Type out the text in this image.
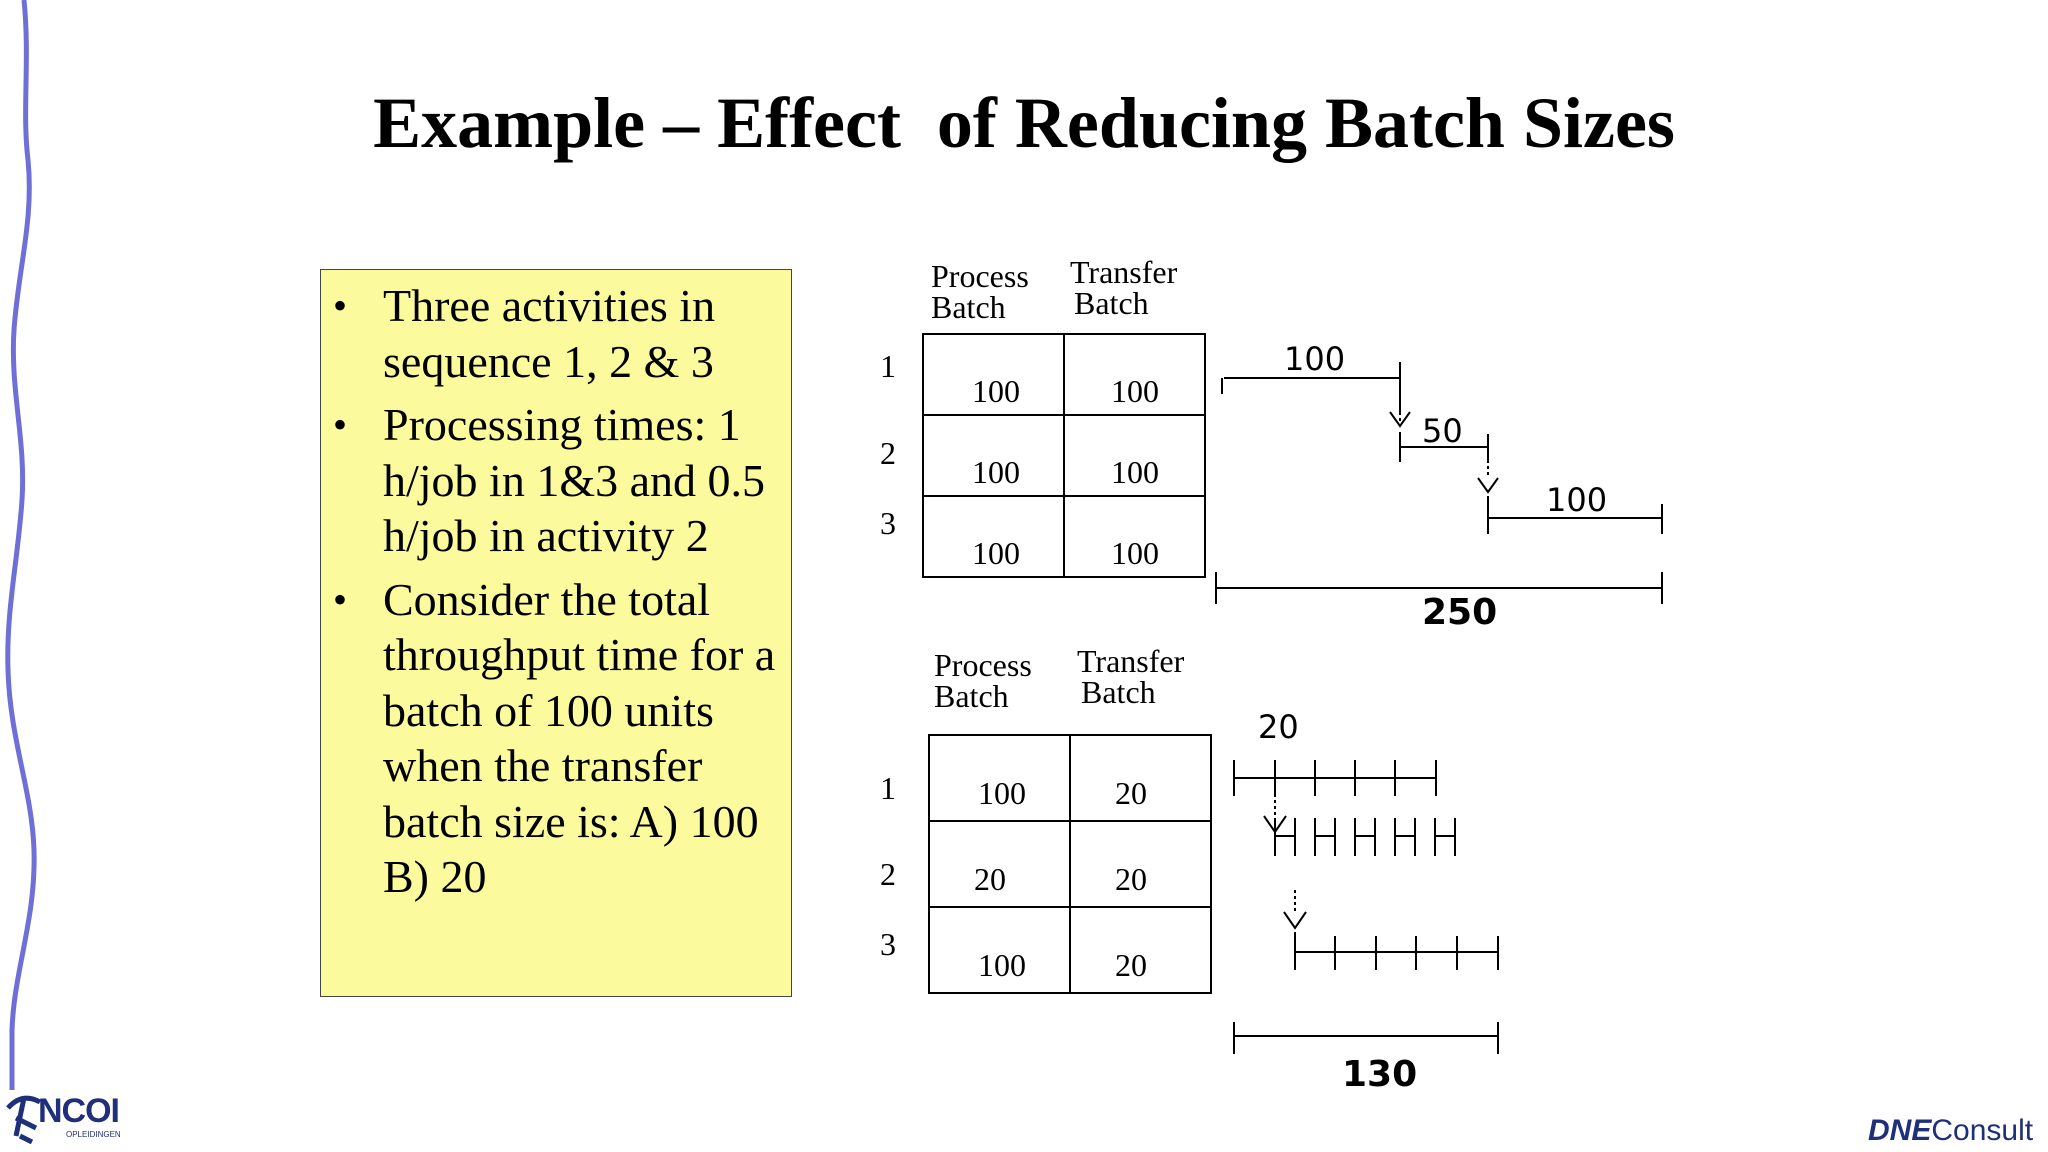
Example – Effect  of Reducing Batch Sizes
• Three activities in sequence 1, 2 & 3
• Processing times: 1 h/job in 1&3 and 0.5 h/job in activity 2
• Consider the total throughput time for a batch of 100 units when the transfer batch size is: A) 100 B) 20
Process
Batch
Transfer
Batch
1
2
3
100	100

100	100

100	100
100
50
100
250
Process
Batch
Transfer
Batch
1
2
3
100	20

20	20

100	20
20
130
NCOI
OPLEIDINGEN	DNEConsult
